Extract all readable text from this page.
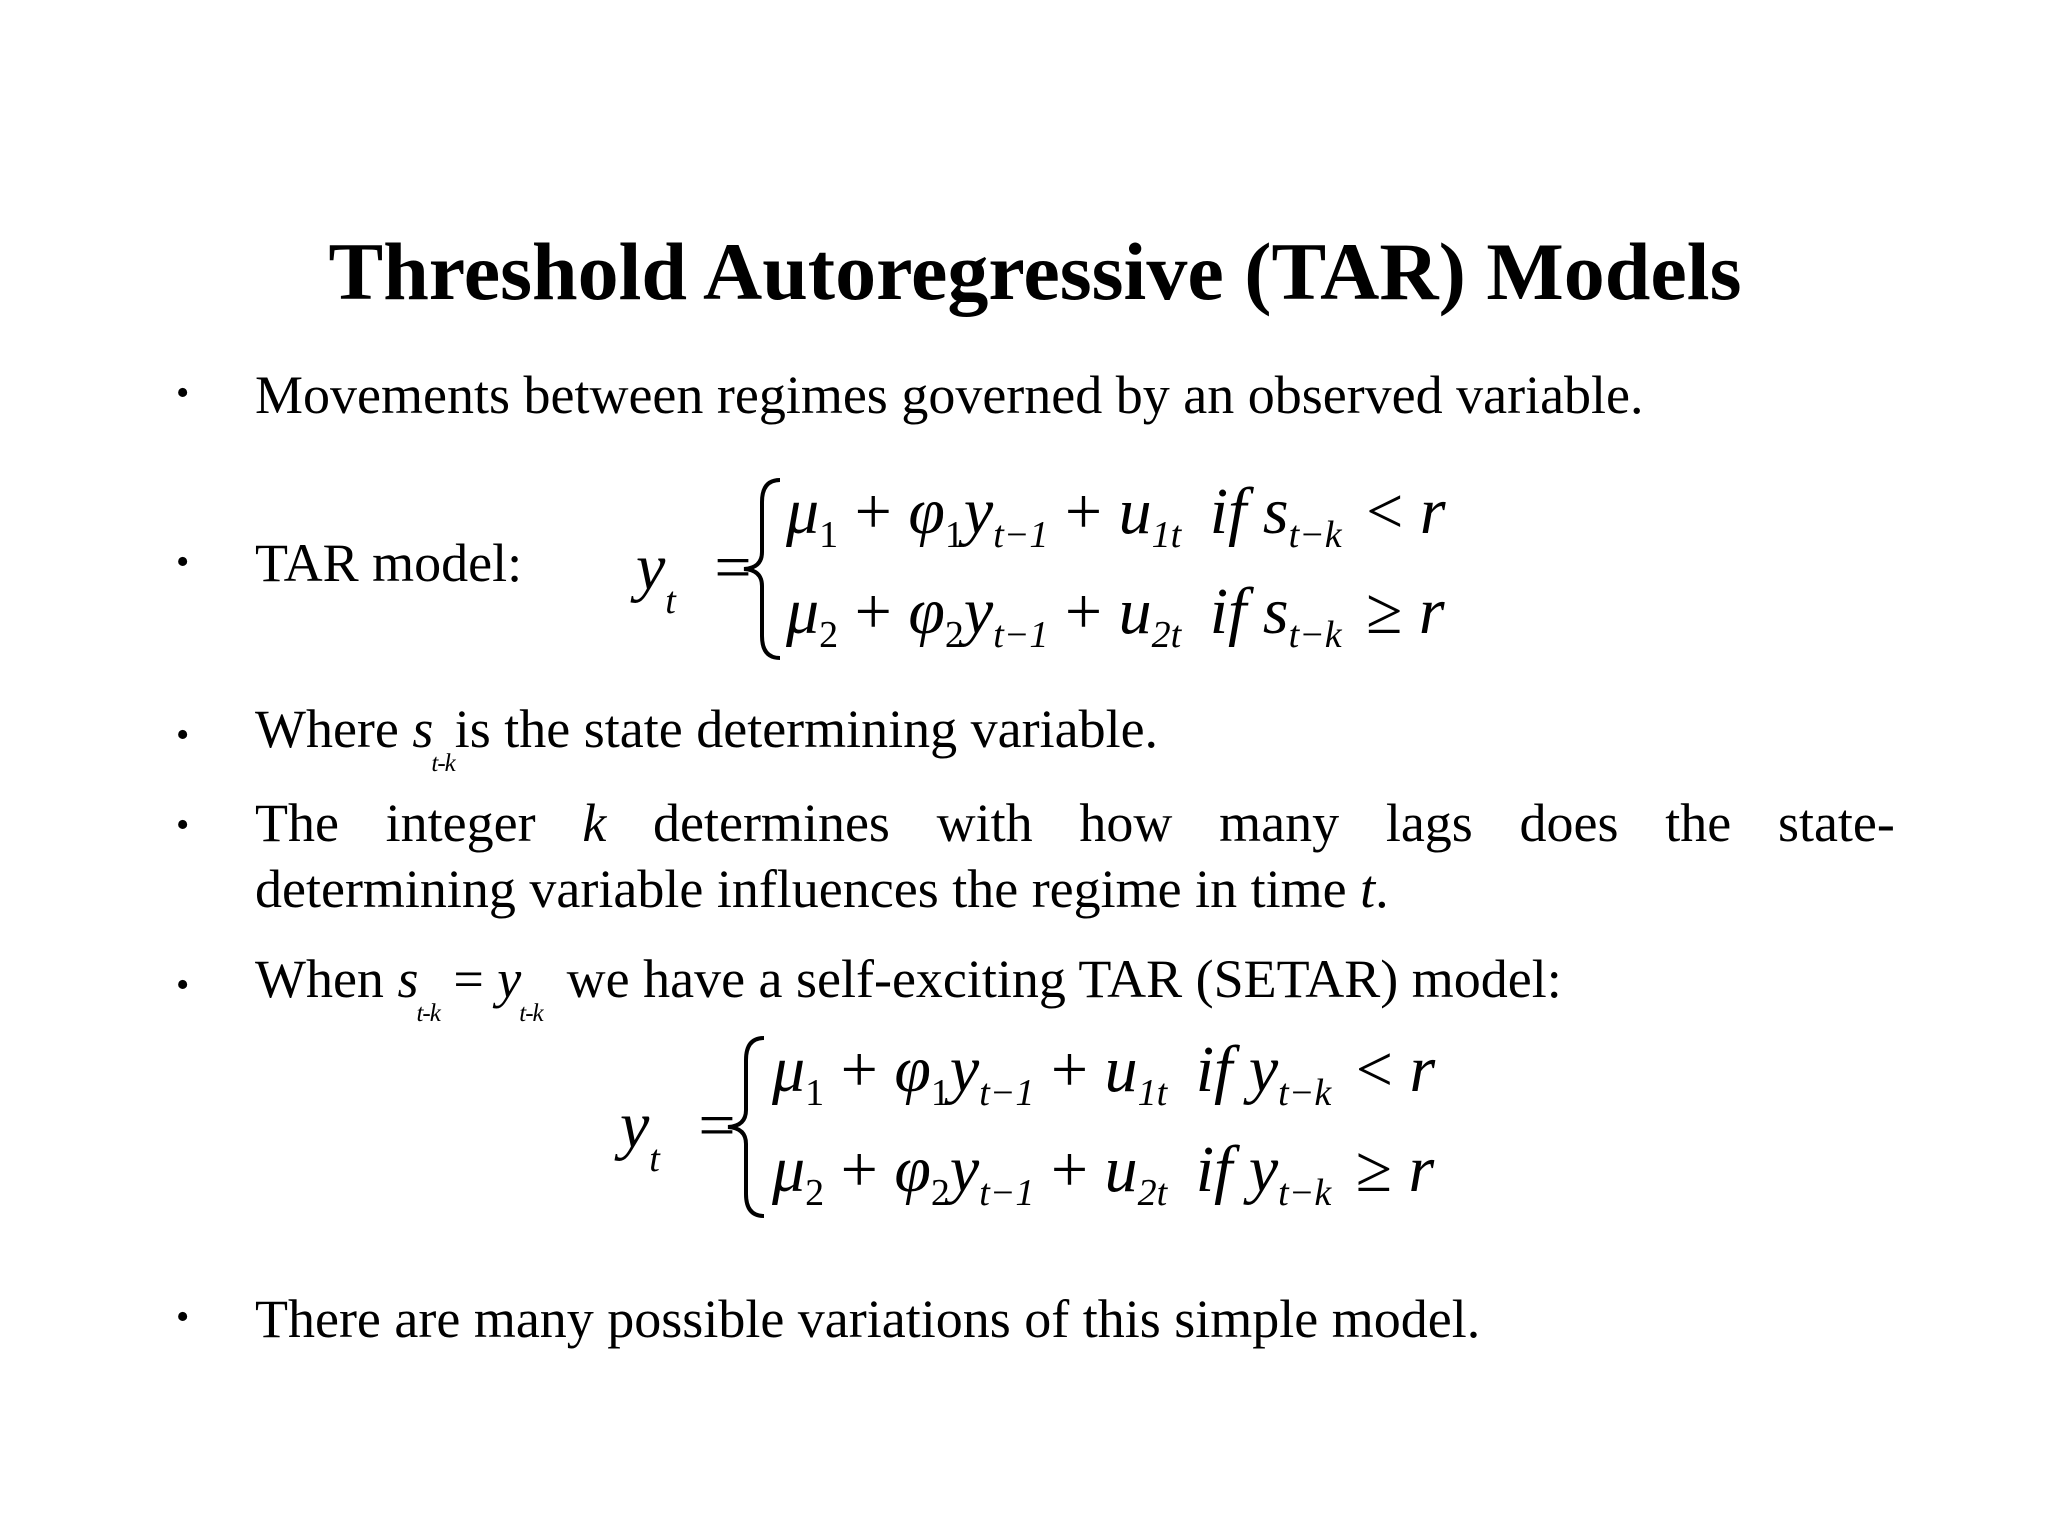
Threshold Autoregressive (TAR) Models
• Movements between regimes governed by an observed variable.
• TAR model: $y_t$ =
$\mu_1 + \varphi_1y_{t-1} + u_{1t}$ if $s_{t-k} < r$
$\mu_2 + \varphi_2y_{t-1} + u_{2t}$ if $s_{t-k} \ge r$
• Where $s_{t-k}is$ the state determining variable.
• The integer k determines with how many lags does the state-
determining variable influences the regime in time t.
• When $s_{t-k} = y_{t-k}we$ have a self-exciting TAR (SETAR) model:
$y_t$ =
$\mu_1 + \varphi_1y_{t-1} + u_{1t}$ if $y_{t-k} < r$
$\mu_2 + \varphi_2y_{t-1} + u_{2t}$ if $y_{t-k} \ge r$
• There are many possible variations of this simple model.
